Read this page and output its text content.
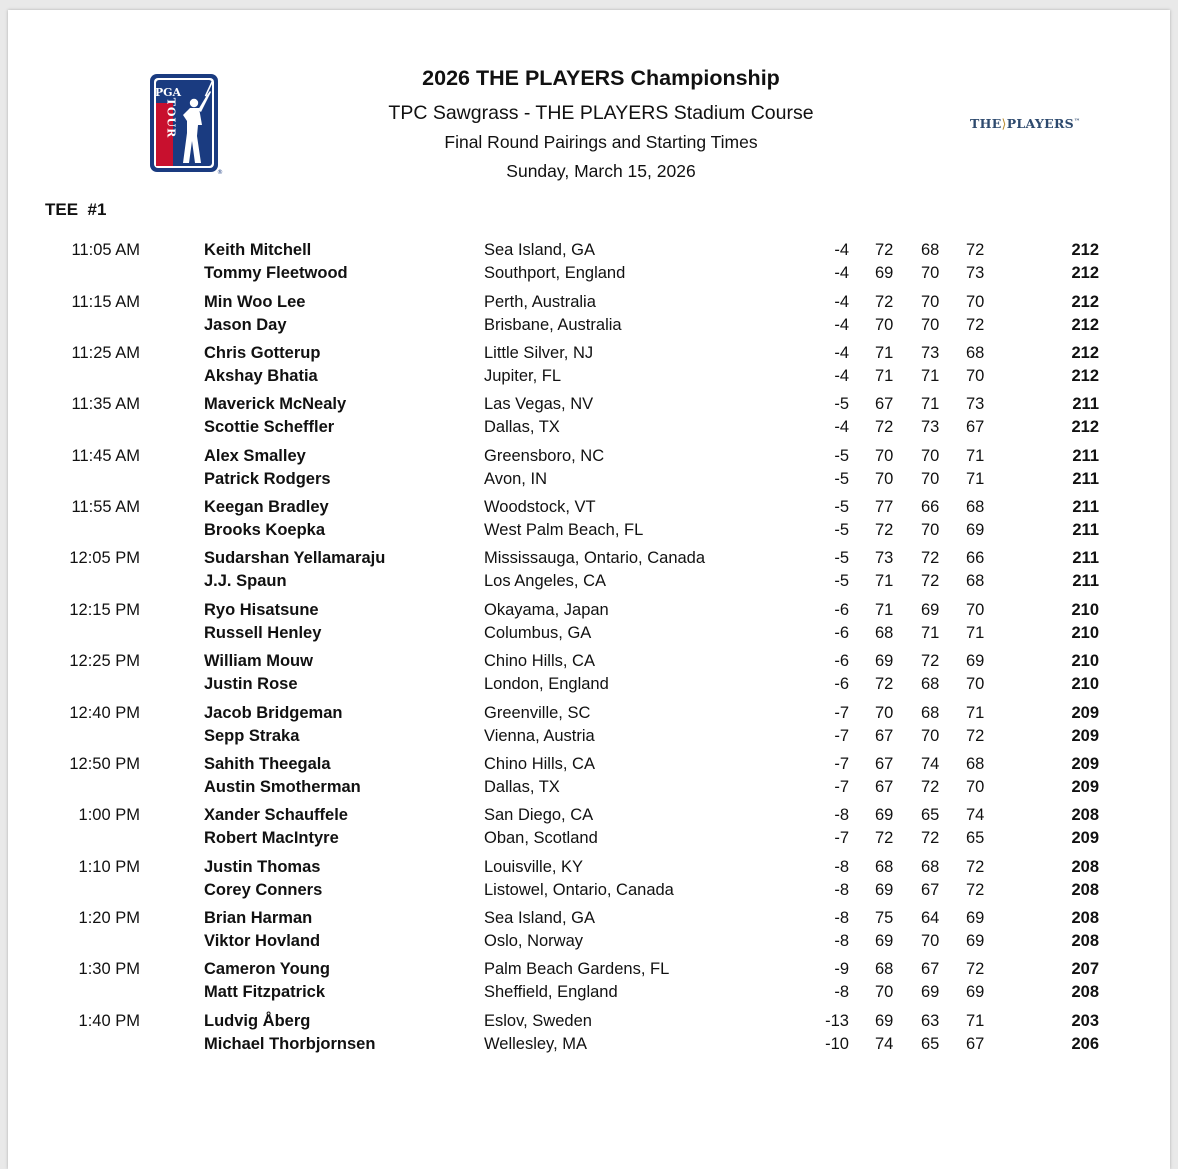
PGA
TOUR
®
2026 THE PLAYERS Championship
TPC Sawgrass - THE PLAYERS Stadium Course
Final Round Pairings and Starting Times
Sunday, March 15, 2026
THE⟩PLAYERS™
TEE  #1
11:05 AM	Keith Mitchell	Sea Island, GA	-4 72 68 72	212
Tommy Fleetwood	Southport, England	-4 69 70 73	212
11:15 AM	Min Woo Lee	Perth, Australia	-4 72 70 70	212
Jason Day	Brisbane, Australia	-4 70 70 72	212
11:25 AM	Chris Gotterup	Little Silver, NJ	-4 71 73 68	212
Akshay Bhatia	Jupiter, FL	-4 71 71 70	212
11:35 AM	Maverick McNealy	Las Vegas, NV	-5 67 71 73	211
Scottie Scheffler	Dallas, TX	-4 72 73 67	212
11:45 AM	Alex Smalley	Greensboro, NC	-5 70 70 71	211
Patrick Rodgers	Avon, IN	-5 70 70 71	211
11:55 AM	Keegan Bradley	Woodstock, VT	-5 77 66 68	211
Brooks Koepka	West Palm Beach, FL	-5 72 70 69	211
12:05 PM	Sudarshan Yellamaraju	Mississauga, Ontario, Canada	-5 73 72 66	211
J.J. Spaun	Los Angeles, CA	-5 71 72 68	211
12:15 PM	Ryo Hisatsune	Okayama, Japan	-6 71 69 70	210
Russell Henley	Columbus, GA	-6 68 71 71	210
12:25 PM	William Mouw	Chino Hills, CA	-6 69 72 69	210
Justin Rose	London, England	-6 72 68 70	210
12:40 PM	Jacob Bridgeman	Greenville, SC	-7 70 68 71	209
Sepp Straka	Vienna, Austria	-7 67 70 72	209
12:50 PM	Sahith Theegala	Chino Hills, CA	-7 67 74 68	209
Austin Smotherman	Dallas, TX	-7 67 72 70	209
1:00 PM	Xander Schauffele	San Diego, CA	-8 69 65 74	208
Robert MacIntyre	Oban, Scotland	-7 72 72 65	209
1:10 PM	Justin Thomas	Louisville, KY	-8 68 68 72	208
Corey Conners	Listowel, Ontario, Canada	-8 69 67 72	208
1:20 PM	Brian Harman	Sea Island, GA	-8 75 64 69	208
Viktor Hovland	Oslo, Norway	-8 69 70 69	208
1:30 PM	Cameron Young	Palm Beach Gardens, FL	-9 68 67 72	207
Matt Fitzpatrick	Sheffield, England	-8 70 69 69	208
1:40 PM	Ludvig Åberg	Eslov, Sweden	-13 69 63 71	203
Michael Thorbjornsen	Wellesley, MA	-10 74 65 67	206
